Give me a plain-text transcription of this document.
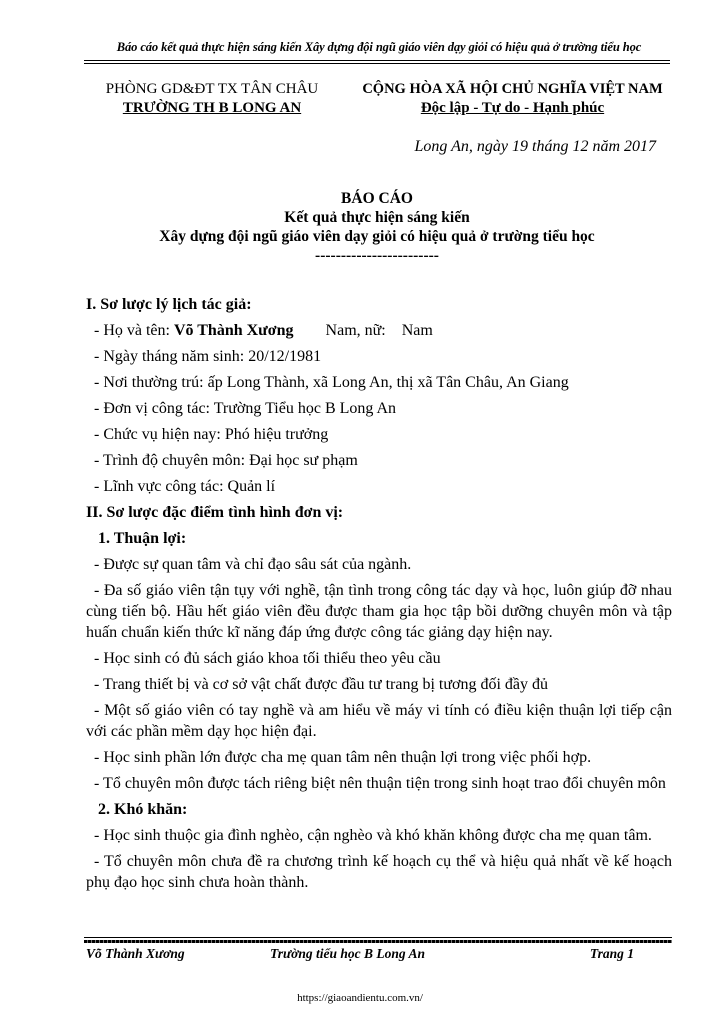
Báo cáo kết quả thực hiện sáng kiến Xây dựng đội ngũ giáo viên dạy giỏi có hiệu quả ở trường tiểu học
PHÒNG GD&ĐT TX TÂN CHÂU
TRƯỜNG TH B LONG AN
CỘNG HÒA XÃ HỘI CHỦ NGHĨA VIỆT NAM
Độc lập - Tự do - Hạnh phúc
Long An, ngày 19 tháng 12 năm 2017
BÁO CÁO
Kết quả thực hiện sáng kiến
Xây dựng đội ngũ giáo viên dạy giỏi có hiệu quả ở trường tiểu học
------------------------

I. Sơ lược lý lịch tác giả:

- Họ và tên: Võ Thành Xương Nam, nữ: Nam

- Ngày tháng năm sinh: 20/12/1981

- Nơi thường trú: ấp Long Thành, xã Long An, thị xã Tân Châu, An Giang

- Đơn vị công tác: Trường Tiểu học B Long An

- Chức vụ hiện nay: Phó hiệu trưởng

- Trình độ chuyên môn: Đại học sư phạm

- Lĩnh vực công tác: Quản lí

II. Sơ lược đặc điểm tình hình đơn vị:

1. Thuận lợi:

- Được sự quan tâm và chỉ đạo sâu sát của ngành.

- Đa số giáo viên tận tụy với nghề, tận tình trong công tác dạy và học, luôn giúp đỡ nhau cùng tiến bộ. Hầu hết giáo viên đều được tham gia học tập bồi dưỡng chuyên môn và tập huấn chuẩn kiến thức kĩ năng đáp ứng được công tác giảng dạy hiện nay.

- Học sinh có đủ sách giáo khoa tối thiểu theo yêu cầu

- Trang thiết bị và cơ sở vật chất được đầu tư trang bị tương đối đầy đủ

- Một số giáo viên có tay nghề và am hiểu về máy vi tính có điều kiện thuận lợi tiếp cận với các phần mềm dạy học hiện đại.

- Học sinh phần lớn được cha mẹ quan tâm nên thuận lợi trong việc phối hợp.

- Tổ chuyên môn được tách riêng biệt nên thuận tiện trong sinh hoạt trao đổi chuyên môn

2. Khó khăn:

- Học sinh thuộc gia đình nghèo, cận nghèo và khó khăn không được cha mẹ quan tâm.

- Tổ chuyên môn chưa đề ra chương trình kế hoạch cụ thể và hiệu quả nhất về kế hoạch phụ đạo học sinh chưa hoàn thành.

Võ Thành Xương	Trường tiểu học B Long An	Trang 1
https://giaoandientu.com.vn/
